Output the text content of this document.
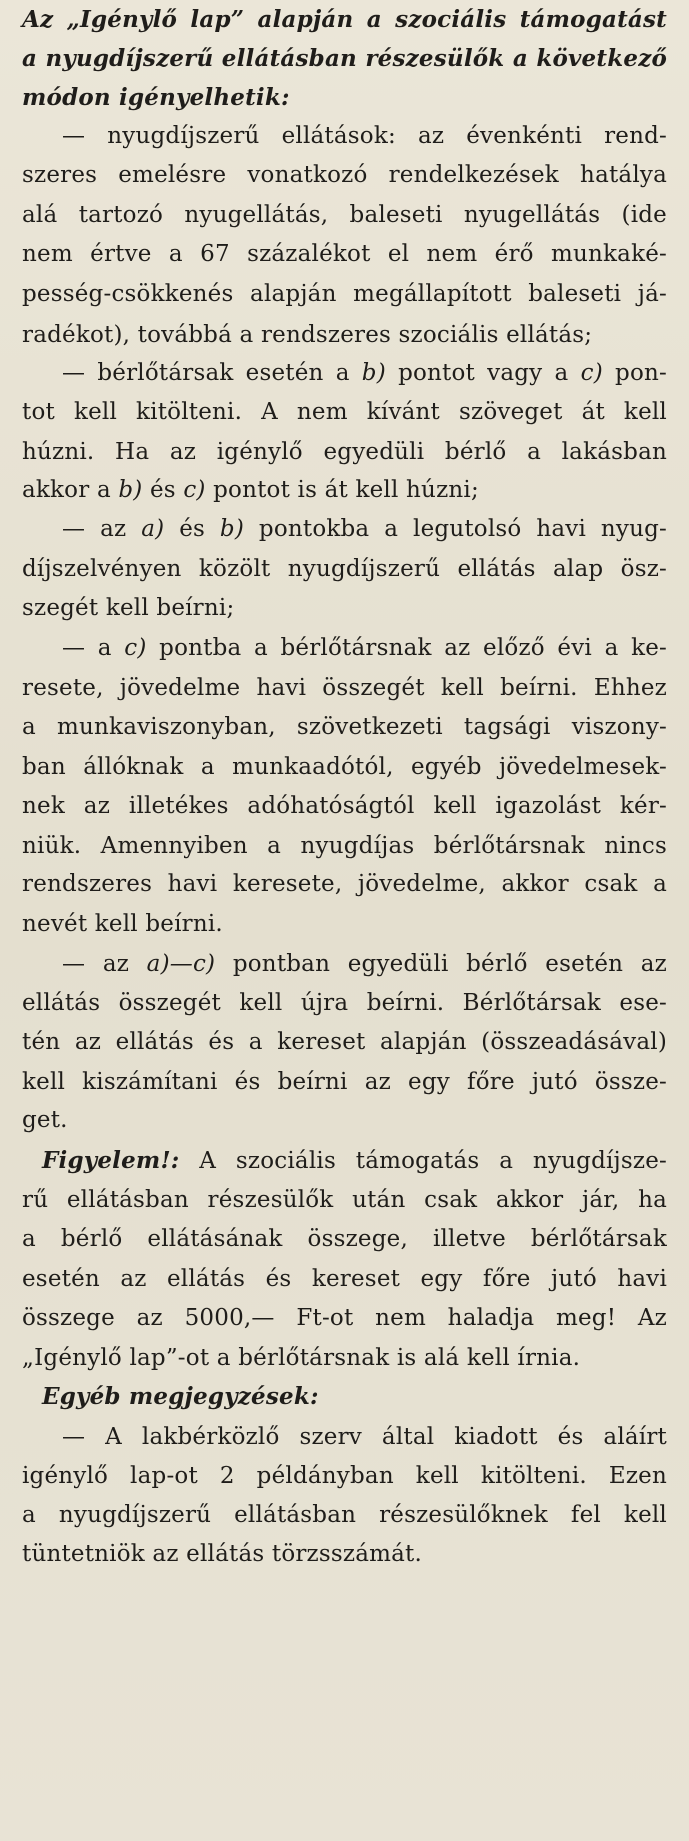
Az „Igénylő lap” alapján a szociális támogatást
a nyugdíjszerű ellátásban részesülők a következő
módon igényelhetik:
— nyugdíjszerű ellátások: az évenkénti rend-
szeres emelésre vonatkozó rendelkezések hatálya
alá tartozó nyugellátás, baleseti nyugellátás (ide
nem értve a 67 százalékot el nem érő munkaké-
pesség-csökkenés alapján megállapított baleseti já-
radékot), továbbá a rendszeres szociális ellátás;
— bérlőtársak esetén a b) pontot vagy a c) pon-
tot kell kitölteni. A nem kívánt szöveget át kell
húzni. Ha az igénylő egyedüli bérlő a lakásban
akkor a b) és c) pontot is át kell húzni;
— az a) és b) pontokba a legutolsó havi nyug-
díjszelvényen közölt nyugdíjszerű ellátás alap ösz-
szegét kell beírni;
— a c) pontba a bérlőtársnak az előző évi a ke-
resete, jövedelme havi összegét kell beírni. Ehhez
a munkaviszonyban, szövetkezeti tagsági viszony-
ban állóknak a munkaadótól, egyéb jövedelmesek-
nek az illetékes adóhatóságtól kell igazolást kér-
niük. Amennyiben a nyugdíjas bérlőtársnak nincs
rendszeres havi keresete, jövedelme, akkor csak a
nevét kell beírni.
— az a)—c) pontban egyedüli bérlő esetén az
ellátás összegét kell újra beírni. Bérlőtársak ese-
tén az ellátás és a kereset alapján (összeadásával)
kell kiszámítani és beírni az egy főre jutó össze-
get.
Figyelem!: A szociális támogatás a nyugdíjsze-
rű ellátásban részesülők után csak akkor jár, ha
a bérlő ellátásának összege, illetve bérlőtársak
esetén az ellátás és kereset egy főre jutó havi
összege az 5000,— Ft-ot nem haladja meg! Az
„Igénylő lap”-ot a bérlőtársnak is alá kell írnia.
Egyéb megjegyzések:
— A lakbérközlő szerv által kiadott és aláírt
igénylő lap-ot 2 példányban kell kitölteni. Ezen
a nyugdíjszerű ellátásban részesülőknek fel kell
tüntetniök az ellátás törzsszámát.
